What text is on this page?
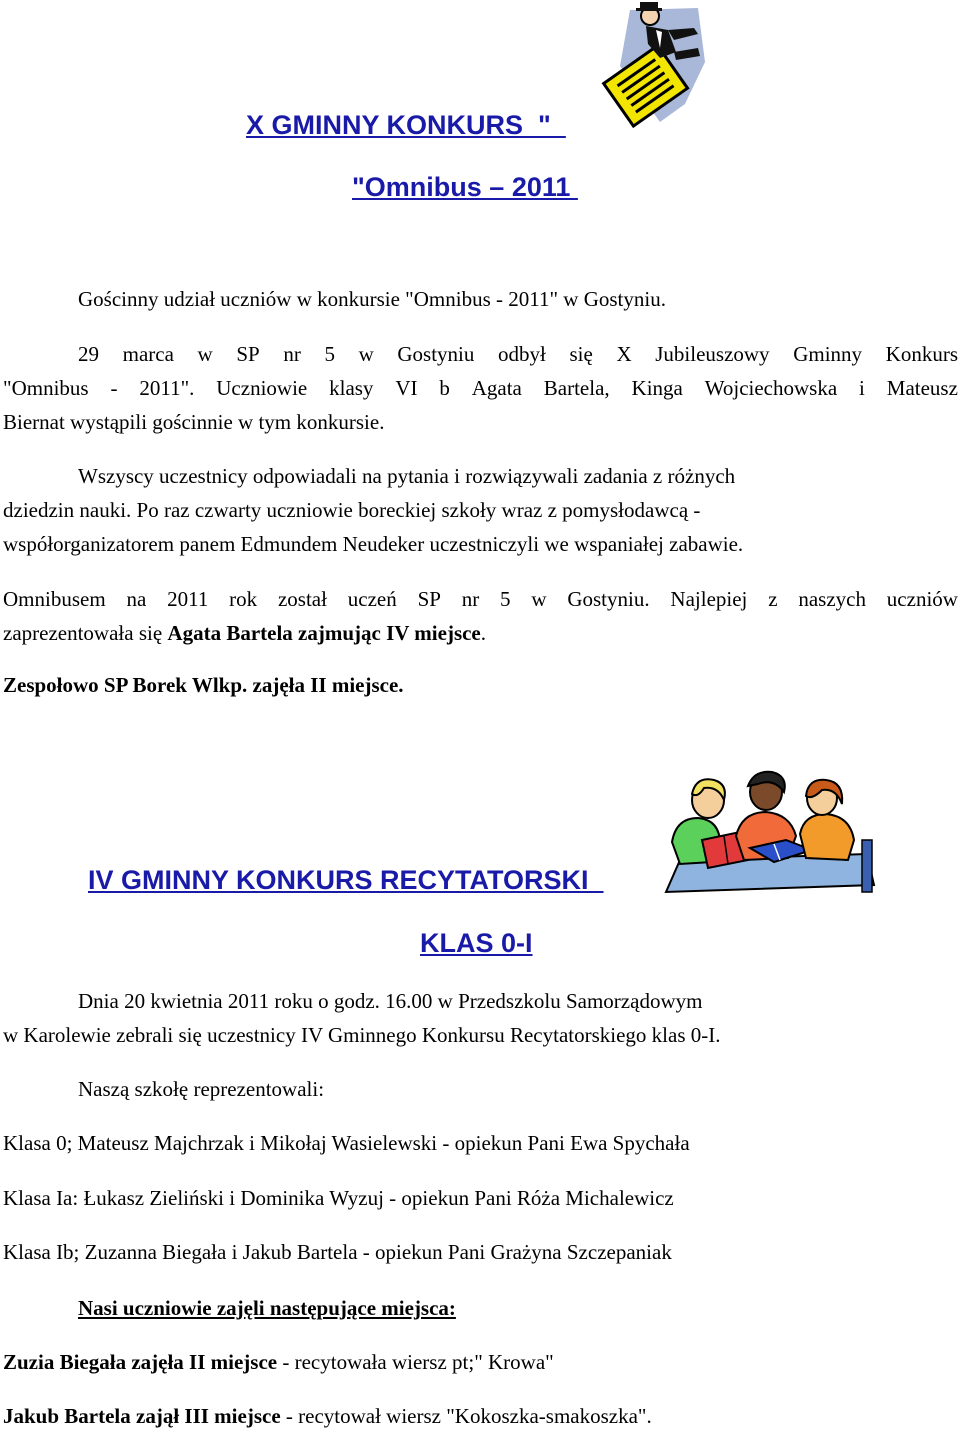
X GMINNY KONKURS  "
"Omnibus – 2011
Gościnny udział uczniów w konkursie "Omnibus - 2011" w Gostyniu.
29 marca w SP nr 5 w Gostyniu odbył się X Jubileuszowy Gminny Konkurs
"Omnibus - 2011". Uczniowie klasy VI b Agata Bartela, Kinga Wojciechowska i Mateusz
Biernat wystąpili gościnnie w tym konkursie.
Wszyscy uczestnicy odpowiadali na pytania i rozwiązywali zadania z różnych
dziedzin nauki. Po raz czwarty uczniowie boreckiej szkoły wraz z pomysłodawcą -
współorganizatorem panem Edmundem Neudeker uczestniczyli we wspaniałej zabawie.
Omnibusem na 2011 rok został uczeń SP nr 5 w Gostyniu. Najlepiej z naszych uczniów
zaprezentowała się Agata Bartela zajmując IV miejsce.
Zespołowo SP Borek Wlkp. zajęła II miejsce.
IV GMINNY KONKURS RECYTATORSKI
KLAS 0-I
Dnia 20 kwietnia 2011 roku o godz. 16.00 w Przedszkolu Samorządowym
w Karolewie zebrali się uczestnicy IV Gminnego Konkursu Recytatorskiego klas 0-I.
Naszą szkołę reprezentowali:
Klasa 0; Mateusz Majchrzak i Mikołaj Wasielewski - opiekun Pani Ewa Spychała
Klasa Ia: Łukasz Zieliński i Dominika Wyzuj - opiekun Pani Róża Michalewicz
Klasa Ib; Zuzanna Biegała i Jakub Bartela - opiekun Pani Grażyna Szczepaniak
Nasi uczniowie zajęli następujące miejsca:
Zuzia Biegała zajęła II miejsce - recytowała wiersz pt;" Krowa"
Jakub Bartela zajął III miejsce - recytował wiersz "Kokoszka-smakoszka".
